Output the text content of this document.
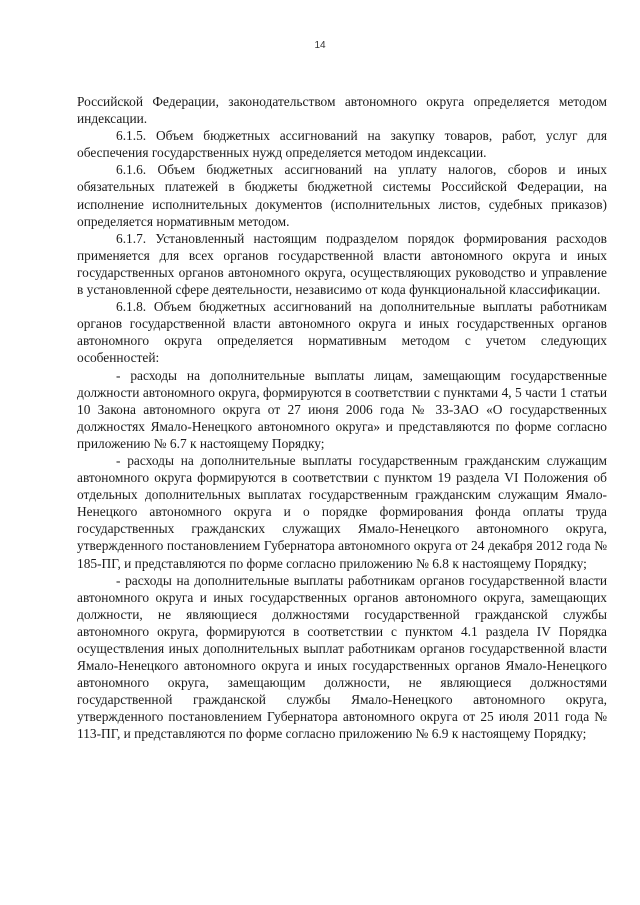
14

Российской Федерации, законодательством автономного округа определяется методом индексации.

6.1.5. Объем бюджетных ассигнований на закупку товаров, работ, услуг для обеспечения государственных нужд определяется методом индексации.

6.1.6. Объем бюджетных ассигнований на уплату налогов, сборов и иных обязательных платежей в бюджеты бюджетной системы Российской Федерации, на исполнение исполнительных документов (исполнительных листов, судебных приказов) определяется нормативным методом.

6.1.7. Установленный настоящим подразделом порядок формирования расходов применяется для всех органов государственной власти автономного округа и иных государственных органов автономного округа, осуществляющих руководство и управление в установленной сфере деятельности, независимо от кода функциональной классификации.

6.1.8. Объем бюджетных ассигнований на дополнительные выплаты работникам органов государственной власти автономного округа и иных государственных органов автономного округа определяется нормативным методом с учетом следующих особенностей:

- расходы на дополнительные выплаты лицам, замещающим государственные должности автономного округа, формируются в соответствии с пунктами 4, 5 части 1 статьи 10 Закона автономного округа от 27 июня 2006 года № 33-ЗАО «О государственных должностях Ямало-Ненецкого автономного округа» и представляются по форме согласно приложению № 6.7 к настоящему Порядку;

- расходы на дополнительные выплаты государственным гражданским служащим автономного округа формируются в соответствии с пунктом 19 раздела VI Положения об отдельных дополнительных выплатах государственным гражданским служащим Ямало-Ненецкого автономного округа и о порядке формирования фонда оплаты труда государственных гражданских служащих Ямало-Ненецкого автономного округа, утвержденного постановлением Губернатора автономного округа от 24 декабря 2012 года № 185-ПГ, и представляются по форме согласно приложению № 6.8 к настоящему Порядку;

- расходы на дополнительные выплаты работникам органов государственной власти автономного округа и иных государственных органов автономного округа, замещающих должности, не являющиеся должностями государственной гражданской службы автономного округа, формируются в соответствии с пунктом 4.1 раздела IV Порядка осуществления иных дополнительных выплат работникам органов государственной власти Ямало-Ненецкого автономного округа и иных государственных органов Ямало-Ненецкого автономного округа, замещающим должности, не являющиеся должностями государственной гражданской службы Ямало-Ненецкого автономного округа, утвержденного постановлением Губернатора автономного округа от 25 июля 2011 года № 113-ПГ, и представляются по форме согласно приложению № 6.9 к настоящему Порядку;
